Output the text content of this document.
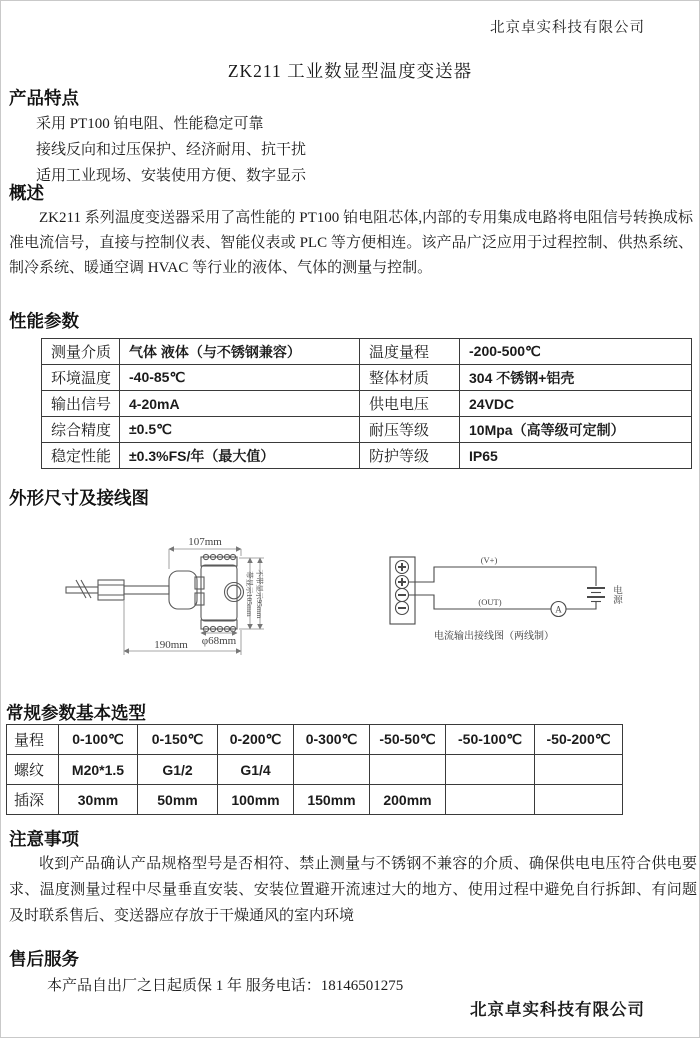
北京卓实科技有限公司
ZK211 工业数显型温度变送器
产品特点
采用 PT100 铂电阻、性能稳定可靠
接线反向和过压保护、经济耐用、抗干扰
适用工业现场、安装使用方便、数字显示
概述
ZK211 系列温度变送器采用了高性能的 PT100 铂电阻芯体,内部的专用集成电路将电阻信号转换成标准电流信号，直接与控制仪表、智能仪表或 PLC 等方便相连。该产品广泛应用于过程控制、供热系统、制冷系统、暖通空调 HVAC 等行业的液体、气体的测量与控制。
性能参数
测量介质	气体 液体（与不锈钢兼容）	温度量程	-200-500℃
环境温度	-40-85℃	整体材质	304 不锈钢+铝壳
输出信号	4-20mA	供电电压	24VDC
综合精度	±0.5℃	耐压等级	10Mpa（高等级可定制）
稳定性能	±0.3%FS/年（最大值）	防护等级	IP65
外形尺寸及接线图
107mm
φ68mm
190mm
带显示105mm 不带显示95mm
(V+)
(OUT)
A
电源
电流输出接线图（两线制）
常规参数基本选型
量程	0-100℃	0-150℃	0-200℃	0-300℃	-50-50℃	-50-100℃	-50-200℃
螺纹	M20*1.5	G1/2	G1/4				
插深	30mm	50mm	100mm	150mm	200mm		
注意事项
收到产品确认产品规格型号是否相符、禁止测量与不锈钢不兼容的介质、确保供电电压符合供电要求、温度测量过程中尽量垂直安装、安装位置避开流速过大的地方、使用过程中避免自行拆卸、有问题及时联系售后、变送器应存放于干燥通风的室内环境
售后服务
本产品自出厂之日起质保 1 年 服务电话：18146501275
北京卓实科技有限公司
